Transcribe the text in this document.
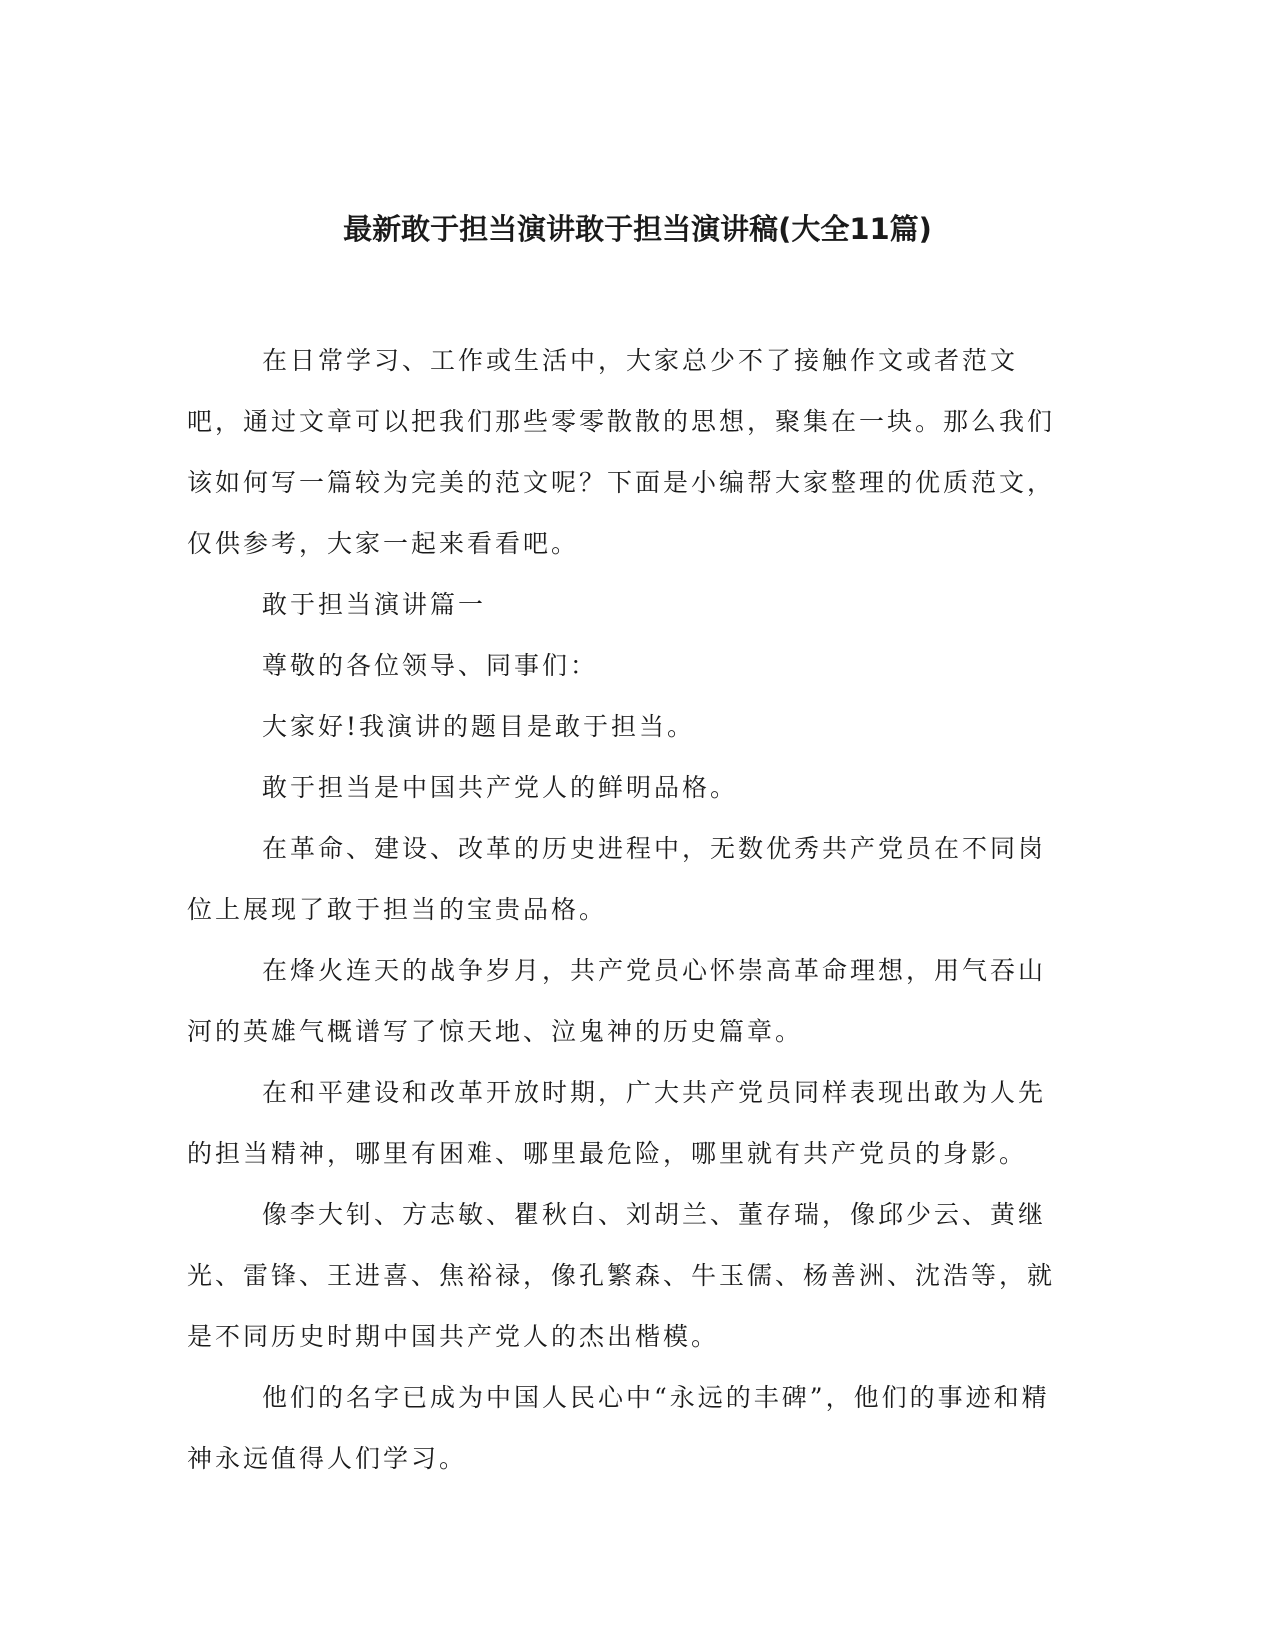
最新敢于担当演讲敢于担当演讲稿(大全11篇)

在日常学习、工作或生活中，大家总少不了接触作文或者范文吧，通过文章可以把我们那些零零散散的思想，聚集在一块。那么我们该如何写一篇较为完美的范文呢？下面是小编帮大家整理的优质范文，仅供参考，大家一起来看看吧。

敢于担当演讲篇一

尊敬的各位领导、同事们：

大家好!我演讲的题目是敢于担当。

敢于担当是中国共产党人的鲜明品格。

在革命、建设、改革的历史进程中，无数优秀共产党员在不同岗位上展现了敢于担当的宝贵品格。

在烽火连天的战争岁月，共产党员心怀崇高革命理想，用气吞山河的英雄气概谱写了惊天地、泣鬼神的历史篇章。

在和平建设和改革开放时期，广大共产党员同样表现出敢为人先的担当精神，哪里有困难、哪里最危险，哪里就有共产党员的身影。

像李大钊、方志敏、瞿秋白、刘胡兰、董存瑞，像邱少云、黄继光、雷锋、王进喜、焦裕禄，像孔繁森、牛玉儒、杨善洲、沈浩等，就是不同历史时期中国共产党人的杰出楷模。

他们的名字已成为中国人民心中“永远的丰碑”，他们的事迹和精神永远值得人们学习。
